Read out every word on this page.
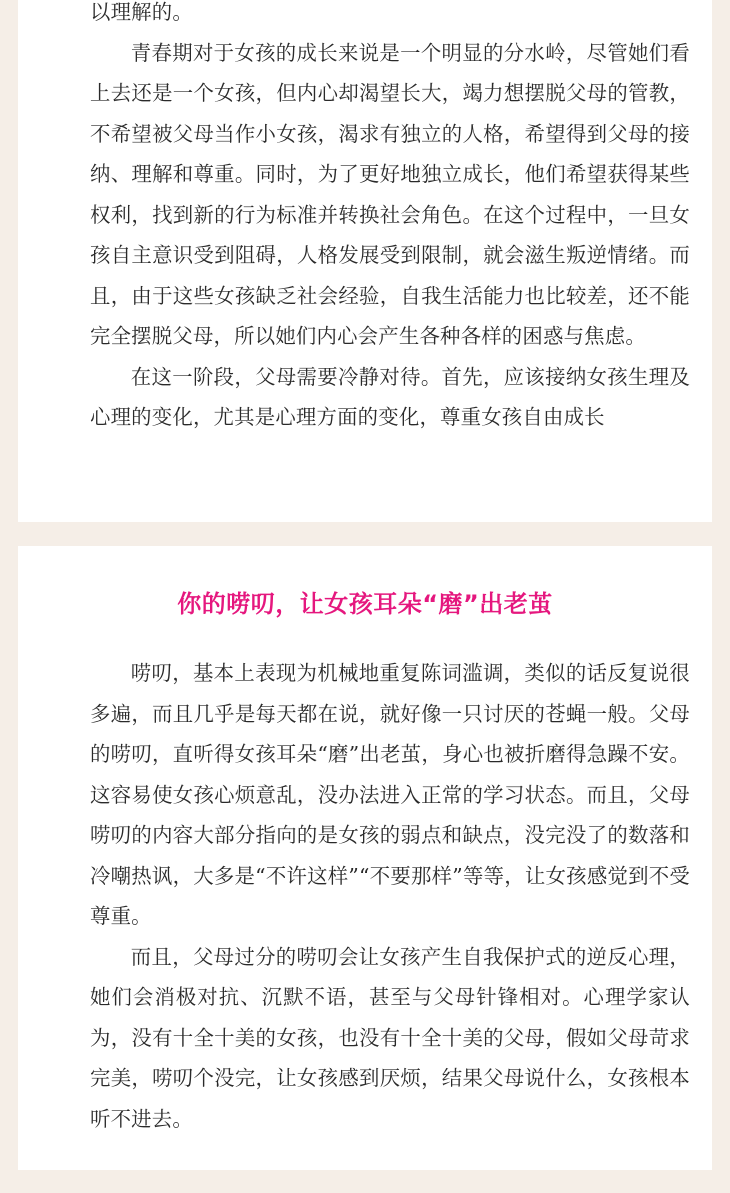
以理解的。

青春期对于女孩的成长来说是一个明显的分水岭，尽管她们看上去还是一个女孩，但内心却渴望长大，竭力想摆脱父母的管教，不希望被父母当作小女孩，渴求有独立的人格，希望得到父母的接纳、理解和尊重。同时，为了更好地独立成长，他们希望获得某些权利，找到新的行为标准并转换社会角色。在这个过程中，一旦女孩自主意识受到阻碍，人格发展受到限制，就会滋生叛逆情绪。而且，由于这些女孩缺乏社会经验，自我生活能力也比较差，还不能完全摆脱父母，所以她们内心会产生各种各样的困惑与焦虑。

在这一阶段，父母需要冷静对待。首先，应该接纳女孩生理及心理的变化，尤其是心理方面的变化，尊重女孩自由成长

你的唠叨，让女孩耳朵“磨”出老茧

唠叨，基本上表现为机械地重复陈词滥调，类似的话反复说很多遍，而且几乎是每天都在说，就好像一只讨厌的苍蝇一般。父母的唠叨，直听得女孩耳朵“磨”出老茧，身心也被折磨得急躁不安。这容易使女孩心烦意乱，没办法进入正常的学习状态。而且，父母唠叨的内容大部分指向的是女孩的弱点和缺点，没完没了的数落和冷嘲热讽，大多是“不许这样”“不要那样”等等，让女孩感觉到不受尊重。

而且，父母过分的唠叨会让女孩产生自我保护式的逆反心理，她们会消极对抗、沉默不语，甚至与父母针锋相对。心理学家认为，没有十全十美的女孩，也没有十全十美的父母，假如父母苛求完美，唠叨个没完，让女孩感到厌烦，结果父母说什么，女孩根本听不进去。
